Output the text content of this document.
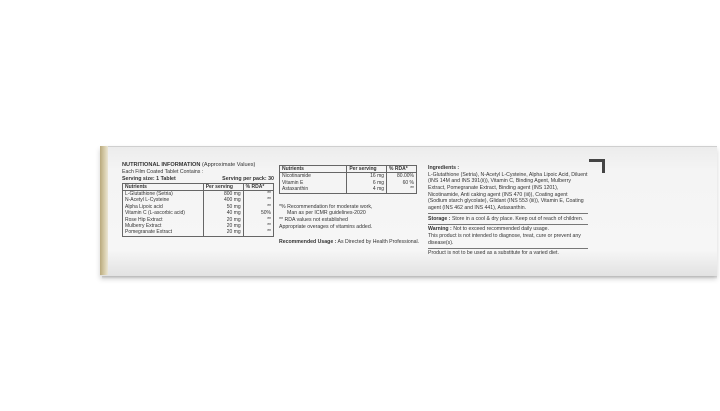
NUTRITIONAL INFORMATION (Approximate Values)
Each Film Coated Tablet Contains :
Serving size: 1 Tablet	Serving per pack: 30
Nutrients	Per serving	% RDA*
L-Glutathione (Setria)	800 mg	**
N-Acetyl L-Cysteine	400 mg	**
Alpha Lipoic acid	50 mg	**
Vitamin C (L-ascorbic acid)	40 mg	50%
Rose Hip Extract	20 mg	**
Mulberry Extract	20 mg	**
Pomegranate Extract	20 mg	**
Nutrients	Per serving	% RDA*
Nicotinamide	16 mg	80.00%
Vitamin E	6 mg	60 %
Astaxanthin	4 mg	**
*% Recommendation for moderate work,
Man as per ICMR guidelines-2020
** RDA values not established
Appropriate overages of vitamins added.
Recommended Usage : As Directed by Health Professional.
Ingredients :
L-Glutathione (Setria), N-Acetyl L-Cysteine, Alpha Lipoic Acid, Diluent (INS 14M and INS 391(ii)), Vitamin C, Binding Agent, Mulberry Extract, Pomegranate Extract, Binding agent (INS 1201), Nicotinamide, Anti caking agent (INS 470 (iii)), Coating agent (Sodium starch glycolate), Glidant (INS 553 (iii)), Vitamin E, Coating agent (INS 462 and INS 441), Astaxanthin.
Storage : Store in a cool & dry place. Keep out of reach of children.
Warning : Not to exceed recommended daily usage.
This product is not intended to diagnose, treat, cure or prevent any disease(s).
Product is not to be used as a substitute for a varied diet.
